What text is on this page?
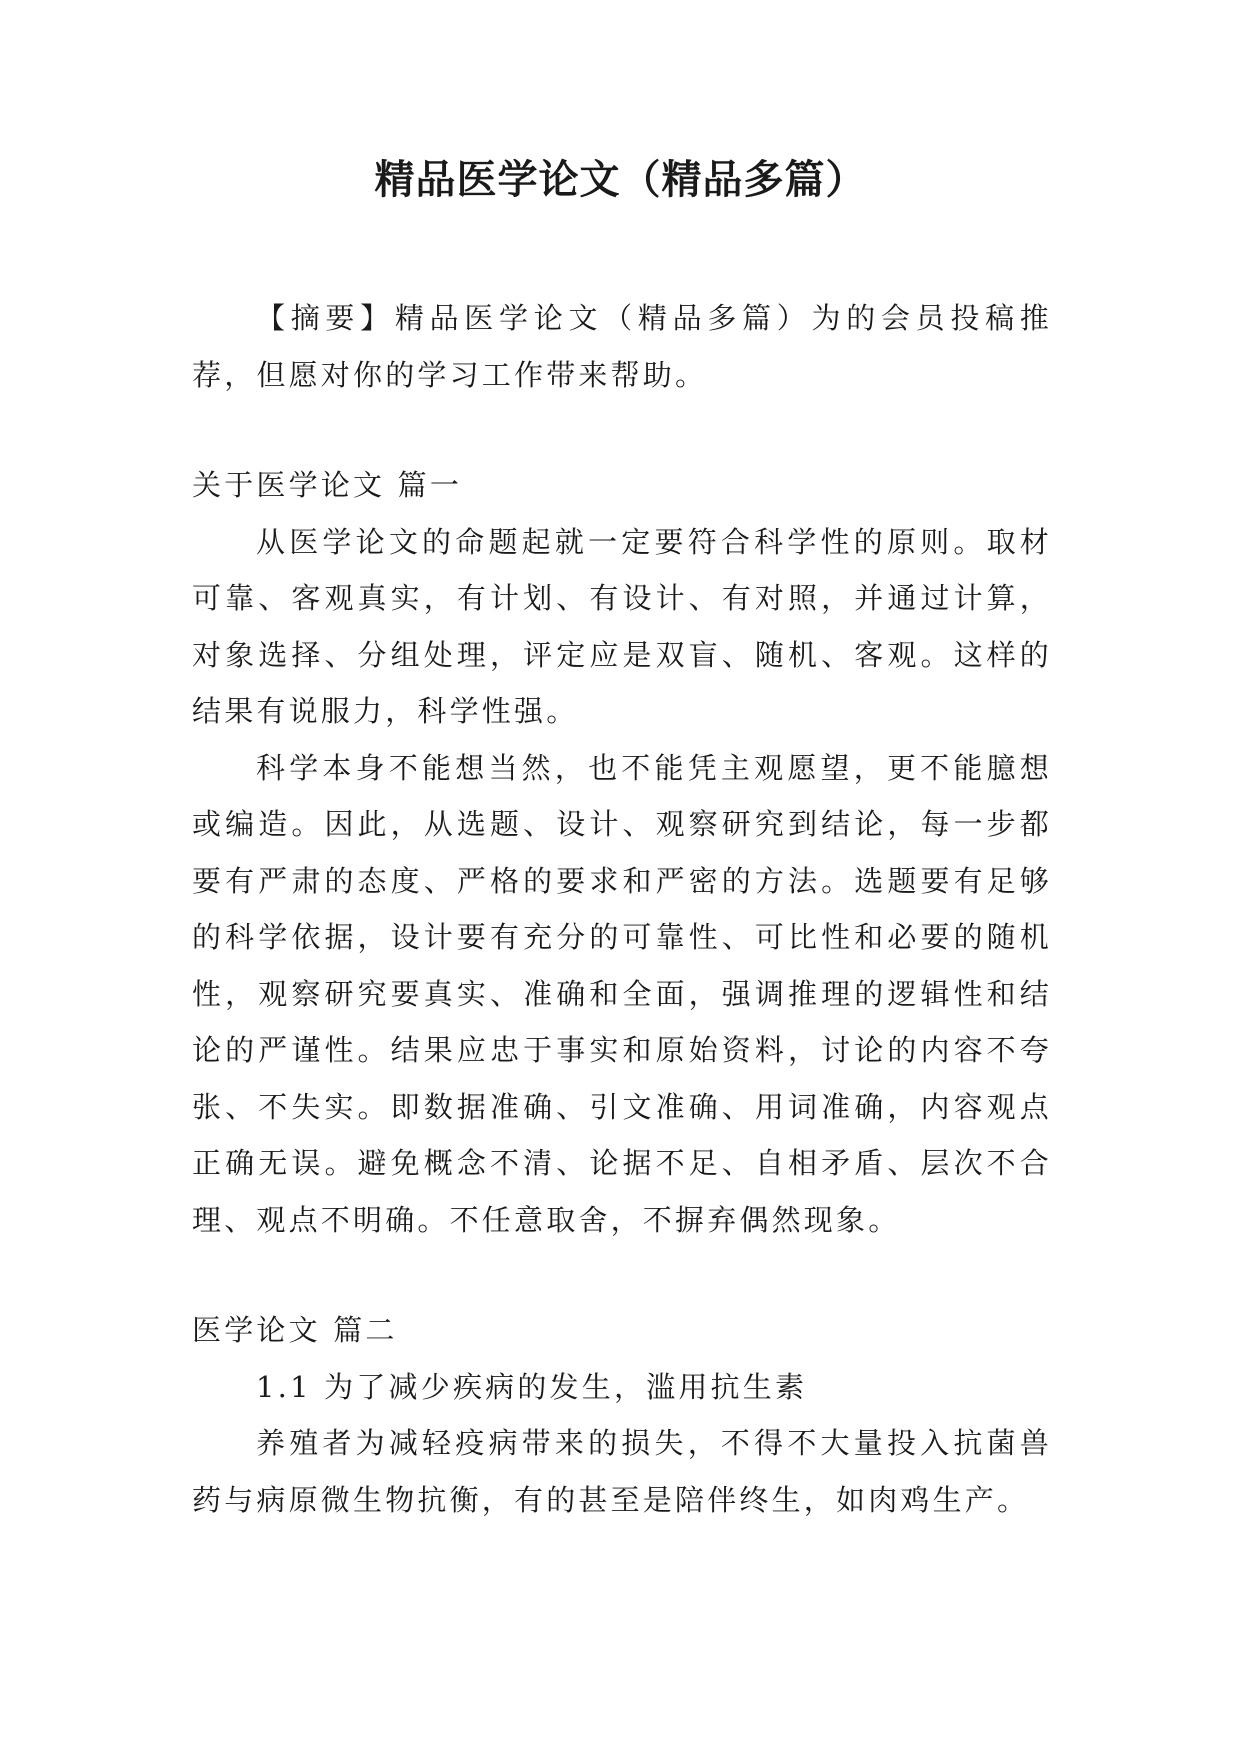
精品医学论文（精品多篇）

【摘要】精品医学论文（精品多篇）为的会员投稿推荐，但愿对你的学习工作带来帮助。

关于医学论文 篇一

从医学论文的命题起就一定要符合科学性的原则。取材可靠、客观真实，有计划、有设计、有对照，并通过计算，对象选择、分组处理，评定应是双盲、随机、客观。这样的结果有说服力，科学性强。

科学本身不能想当然，也不能凭主观愿望，更不能臆想或编造。因此，从选题、设计、观察研究到结论，每一步都要有严肃的态度、严格的要求和严密的方法。选题要有足够的科学依据，设计要有充分的可靠性、可比性和必要的随机性，观察研究要真实、准确和全面，强调推理的逻辑性和结论的严谨性。结果应忠于事实和原始资料，讨论的内容不夸张、不失实。即数据准确、引文准确、用词准确，内容观点正确无误。避免概念不清、论据不足、自相矛盾、层次不合理、观点不明确。不任意取舍，不摒弃偶然现象。

医学论文 篇二

1.1 为了减少疾病的发生，滥用抗生素

养殖者为减轻疫病带来的损失，不得不大量投入抗菌兽药与病原微生物抗衡，有的甚至是陪伴终生，如肉鸡生产。
